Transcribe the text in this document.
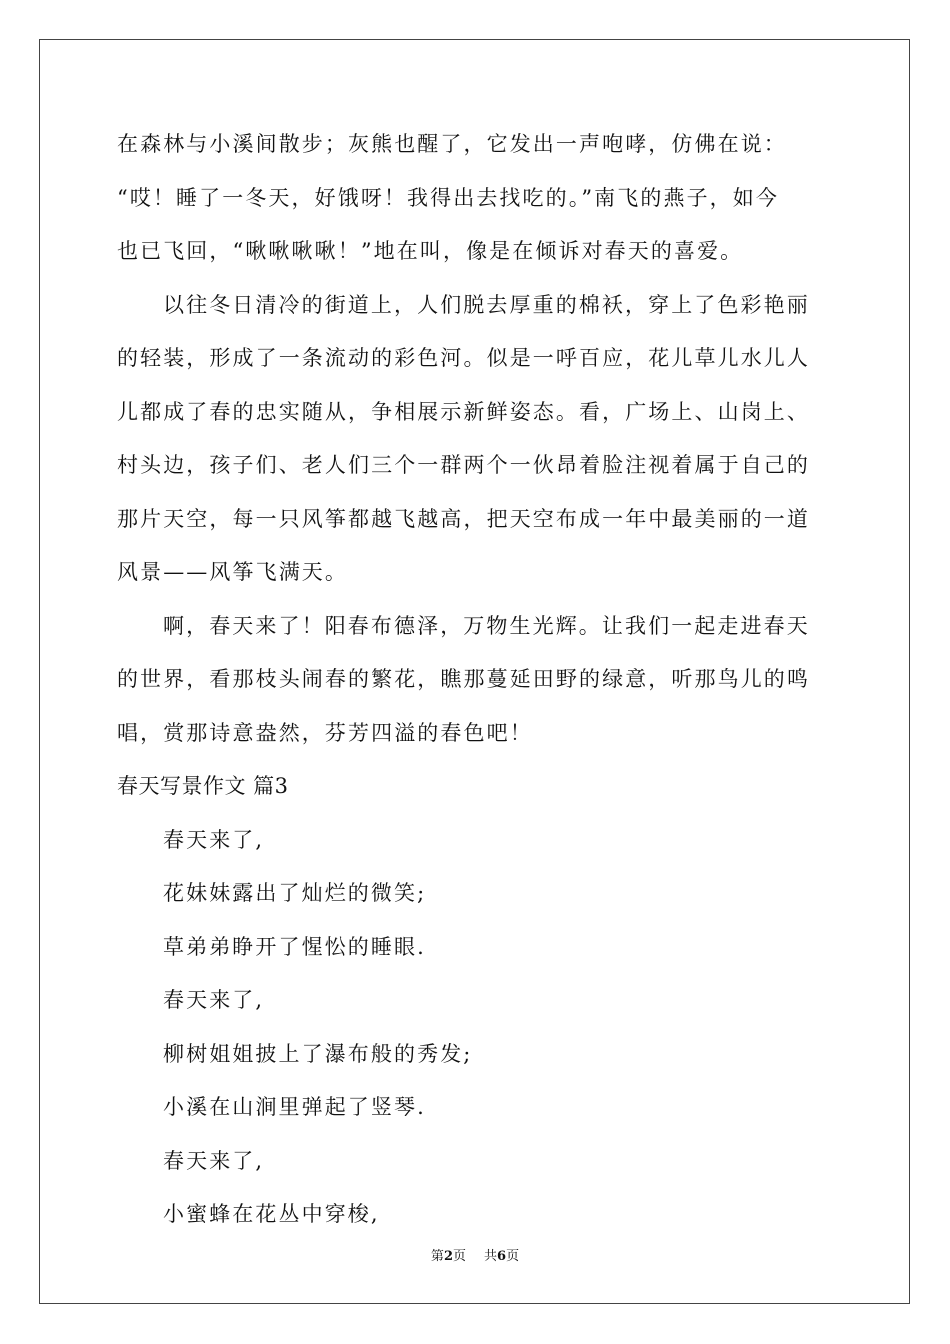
在森林与小溪间散步；灰熊也醒了，它发出一声咆哮，仿佛在说：
“哎！睡了一冬天，好饿呀！我得出去找吃的。”南飞的燕子，如今
也已飞回，“啾啾啾啾！”地在叫，像是在倾诉对春天的喜爱。
以往冬日清冷的街道上，人们脱去厚重的棉袄，穿上了色彩艳丽
的轻装，形成了一条流动的彩色河。似是一呼百应，花儿草儿水儿人
儿都成了春的忠实随从，争相展示新鲜姿态。看，广场上、山岗上、
村头边，孩子们、老人们三个一群两个一伙昂着脸注视着属于自己的
那片天空，每一只风筝都越飞越高，把天空布成一年中最美丽的一道
风景——风筝飞满天。
啊，春天来了！阳春布德泽，万物生光辉。让我们一起走进春天
的世界，看那枝头闹春的繁花，瞧那蔓延田野的绿意，听那鸟儿的鸣
唱，赏那诗意盎然，芬芳四溢的春色吧！
春天写景作文 篇3
春天来了,
花妹妹露出了灿烂的微笑;
草弟弟睁开了惺忪的睡眼.
春天来了,
柳树姐姐披上了瀑布般的秀发;
小溪在山涧里弹起了竖琴.
春天来了,
小蜜蜂在花丛中穿梭,
第2页 共6页
